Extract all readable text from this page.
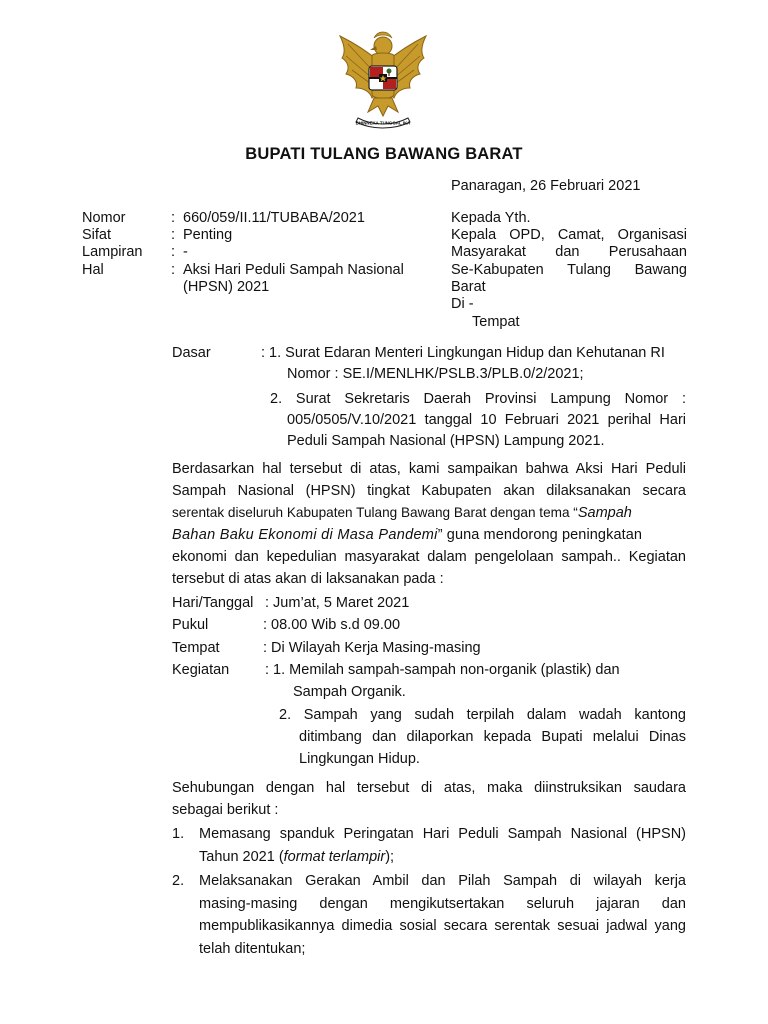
BHINNEKA TUNGGAL IKA
BUPATI TULANG BAWANG BARAT
Panaragan, 26 Februari 2021
Nomor	: 660/059/II.11/TUBABA/2021
Sifat	: Penting
Lampiran : -
Hal	: Aksi Hari Peduli Sampah Nasional
(HPSN) 2021
Kepada Yth.
Kepala OPD, Camat, Organisasi
Masyarakat dan Perusahaan
Se-Kabupaten Tulang Bawang
Barat
Di -
Tempat
Dasar	: 1. Surat Edaran Menteri Lingkungan Hidup dan Kehutanan RI
Nomor : SE.I/MENLHK/PSLB.3/PLB.0/2/2021;
2. Surat Sekretaris Daerah Provinsi Lampung Nomor :
005/0505/V.10/2021 tanggal 10 Februari 2021 perihal Hari
Peduli Sampah Nasional (HPSN) Lampung 2021.
Berdasarkan hal tersebut di atas, kami sampaikan bahwa Aksi Hari Peduli
Sampah Nasional (HPSN) tingkat Kabupaten akan dilaksanakan secara
serentak diseluruh Kabupaten Tulang Bawang Barat dengan tema “Sampah
Bahan Baku Ekonomi di Masa Pandemi” guna mendorong peningkatan
ekonomi dan kepedulian masyarakat dalam pengelolaan sampah.. Kegiatan
tersebut di atas akan di laksanakan pada :
Hari/Tanggal : Jum’at, 5 Maret 2021
Pukul	: 08.00 Wib s.d 09.00
Tempat	: Di Wilayah Kerja Masing-masing
Kegiatan : 1. Memilah sampah-sampah non-organik (plastik) dan
Sampah Organik.
2. Sampah yang sudah terpilah dalam wadah kantong
ditimbang dan dilaporkan kepada Bupati melalui Dinas
Lingkungan Hidup.
Sehubungan dengan hal tersebut di atas, maka diinstruksikan saudara
sebagai berikut :
1. Memasang spanduk Peringatan Hari Peduli Sampah Nasional (HPSN)
Tahun 2021 (format terlampir);
2. Melaksanakan Gerakan Ambil dan Pilah Sampah di wilayah kerja
masing-masing dengan mengikutsertakan seluruh jajaran dan
mempublikasikannya dimedia sosial secara serentak sesuai jadwal yang
telah ditentukan;
